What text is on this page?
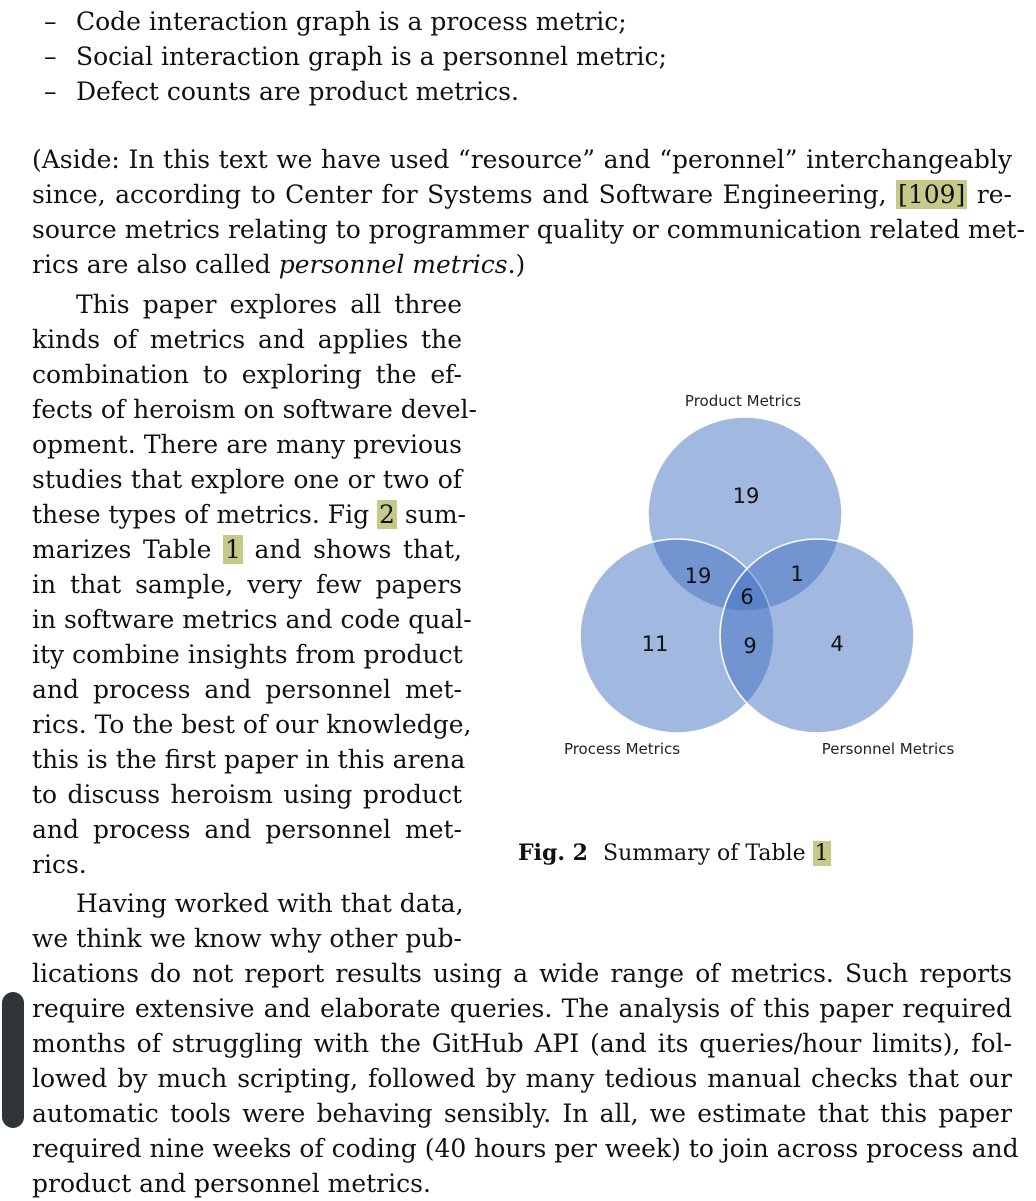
– Code interaction graph is a process metric;
– Social interaction graph is a personnel metric;
– Defect counts are product metrics.
(Aside: In this text we have used “resource” and “peronnel” interchangeably
since, according to Center for Systems and Software Engineering, [109] re-
source metrics relating to programmer quality or communication related met-
rics are also called personnel metrics.)
This paper explores all three
kinds of metrics and applies the
combination to exploring the ef-
fects of heroism on software devel-
opment. There are many previous
studies that explore one or two of
these types of metrics. Fig 2 sum-
marizes Table 1 and shows that,
in that sample, very few papers
in software metrics and code qual-
ity combine insights from product
and process and personnel met-
rics. To the best of our knowledge,
this is the first paper in this arena
to discuss heroism using product
and process and personnel met-
rics.
Having worked with that data,
we think we know why other pub-
lications do not report results using a wide range of metrics. Such reports
require extensive and elaborate queries. The analysis of this paper required
months of struggling with the GitHub API (and its queries/hour limits), fol-
lowed by much scripting, followed by many tedious manual checks that our
automatic tools were behaving sensibly. In all, we estimate that this paper
required nine weeks of coding (40 hours per week) to join across process and
product and personnel metrics.
Product Metrics
Process Metrics	Personnel Metrics
19
11	4
19	1
9
6
Fig. 2 Summary of Table 1
